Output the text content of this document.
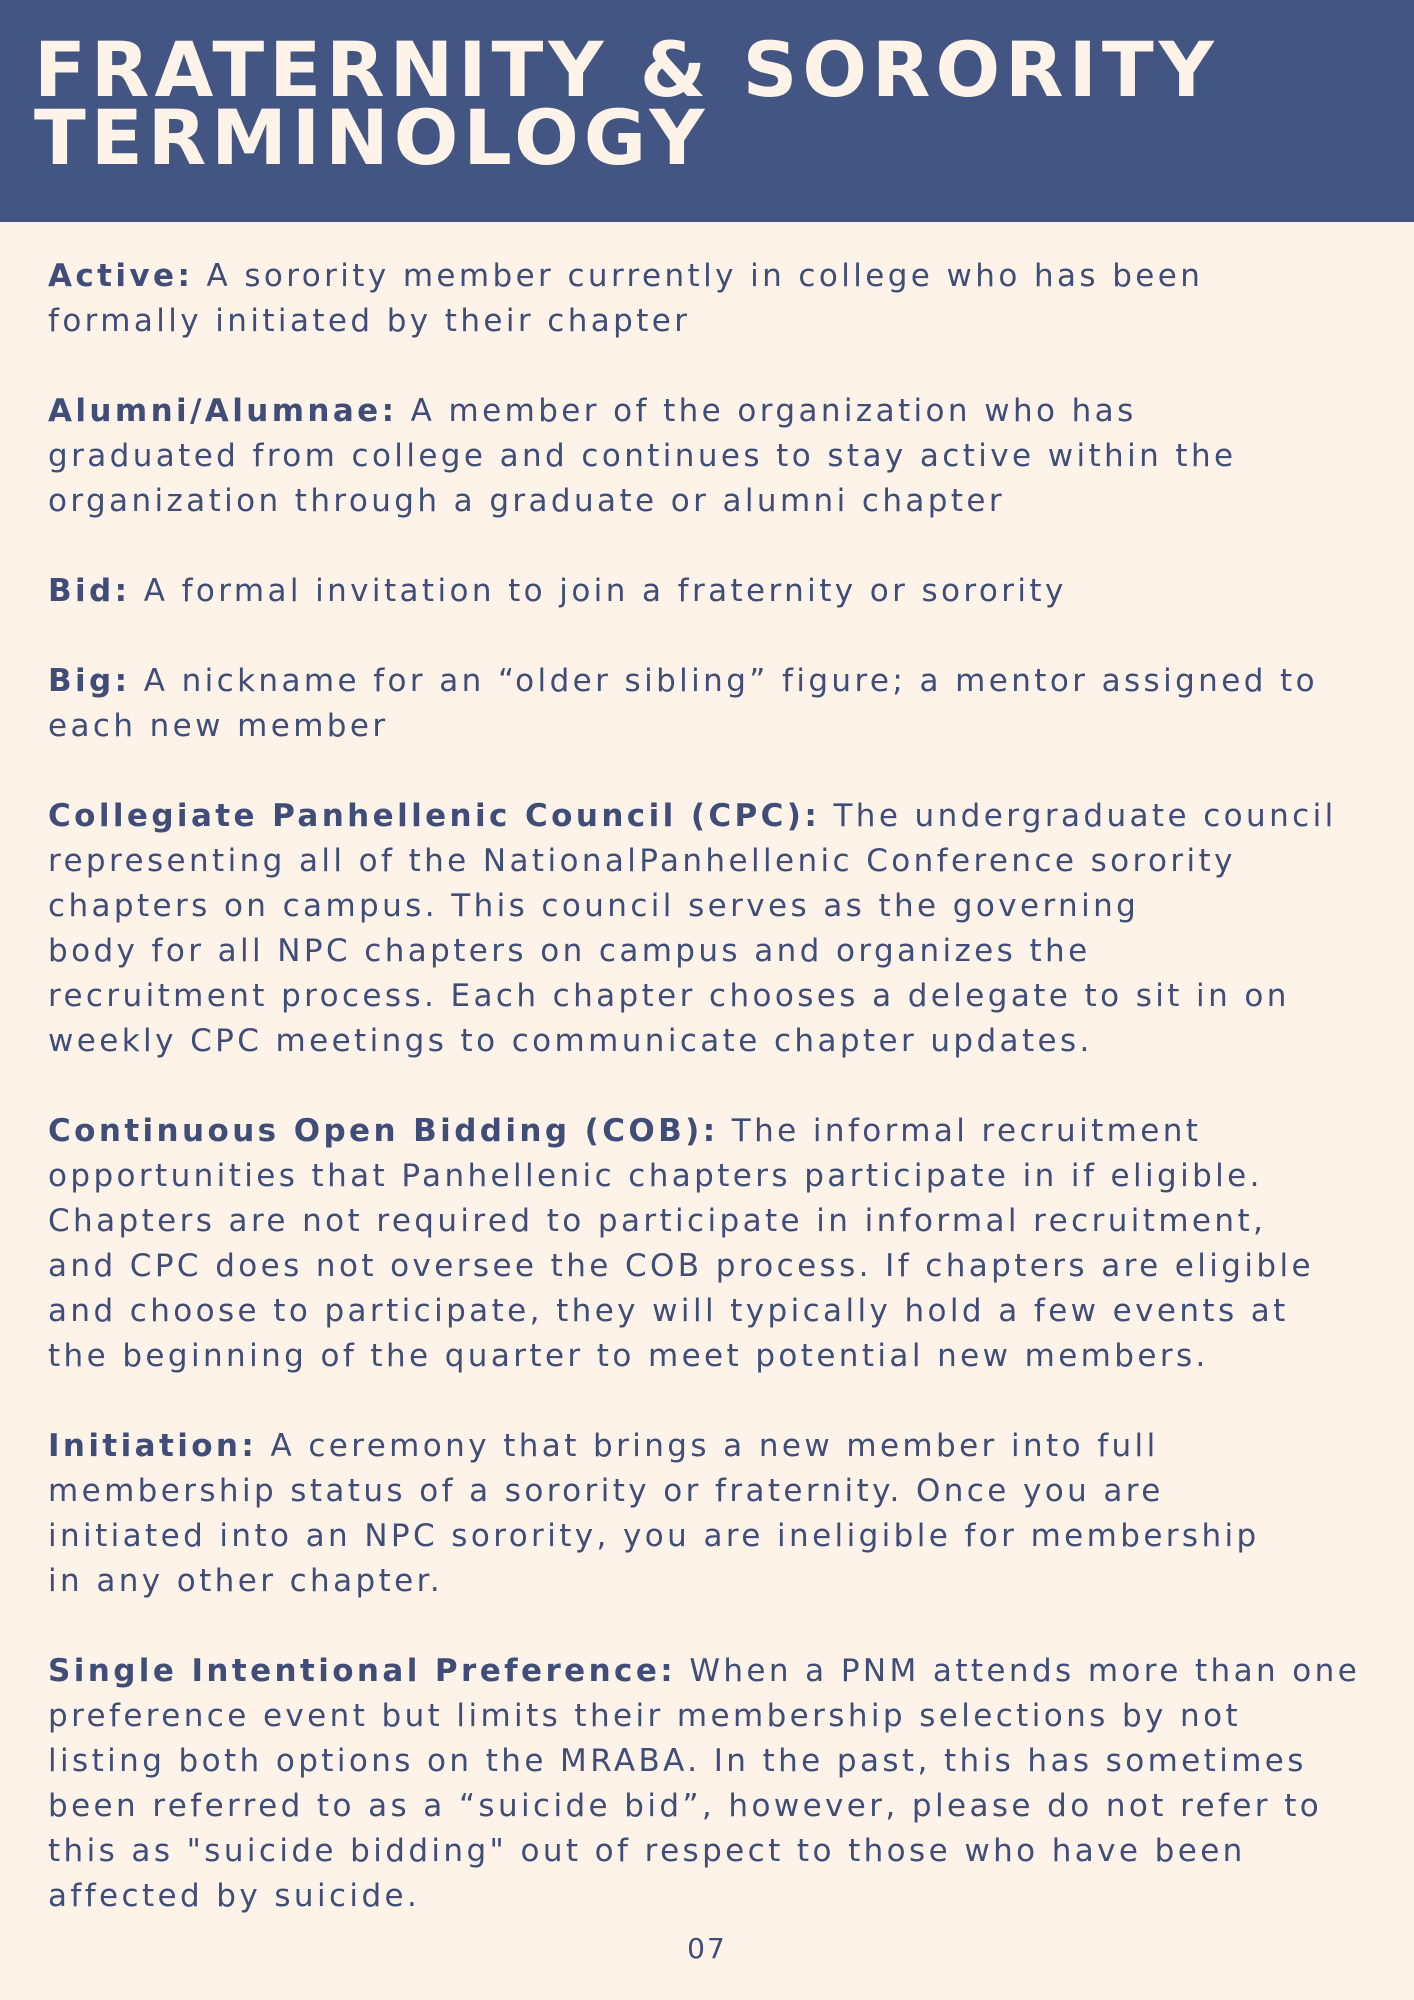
FRATERNITY & SORORITY
TERMINOLOGY

Active: A sorority member currently in college who has been
formally initiated by their chapter

Alumni/Alumnae: A member of the organization who has
graduated from college and continues to stay active within the
organization through a graduate or alumni chapter

Bid: A formal invitation to join a fraternity or sorority

Big: A nickname for an “older sibling” figure; a mentor assigned to
each new member

Collegiate Panhellenic Council (CPC): The undergraduate council
representing all of the NationalPanhellenic Conference sorority
chapters on campus. This council serves as the governing
body for all NPC chapters on campus and organizes the
recruitment process. Each chapter chooses a delegate to sit in on
weekly CPC meetings to communicate chapter updates.

Continuous Open Bidding (COB): The informal recruitment
opportunities that Panhellenic chapters participate in if eligible.
Chapters are not required to participate in informal recruitment,
and CPC does not oversee the COB process. If chapters are eligible
and choose to participate, they will typically hold a few events at
the beginning of the quarter to meet potential new members.

Initiation: A ceremony that brings a new member into full
membership status of a sorority or fraternity. Once you are
initiated into an NPC sorority, you are ineligible for membership
in any other chapter.

Single Intentional Preference: When a PNM attends more than one
preference event but limits their membership selections by not
listing both options on the MRABA. In the past, this has sometimes
been referred to as a “suicide bid”, however, please do not refer to
this as "suicide bidding" out of respect to those who have been
affected by suicide.

07
